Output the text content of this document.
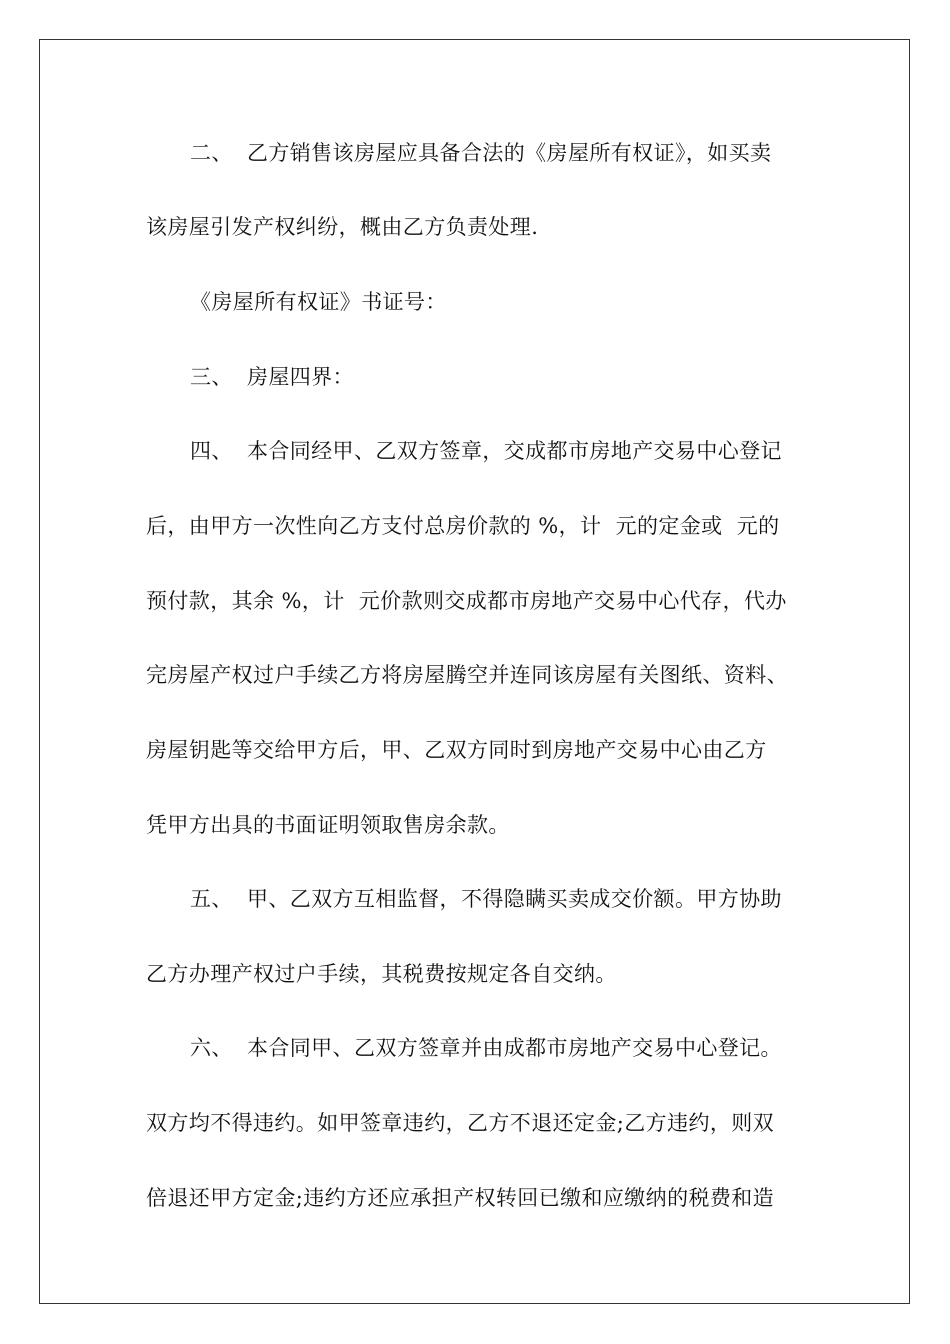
二、  乙方销售该房屋应具备合法的《房屋所有权证》，如买卖
该房屋引发产权纠纷，概由乙方负责处理.
《房屋所有权证》书证号：
三、  房屋四界：
四、  本合同经甲、乙双方签章，交成都市房地产交易中心登记
后，由甲方一次性向乙方支付总房价款的 %，计  元的定金或  元的
预付款，其余 %，计  元价款则交成都市房地产交易中心代存，代办
完房屋产权过户手续乙方将房屋腾空并连同该房屋有关图纸、资料、
房屋钥匙等交给甲方后，甲、乙双方同时到房地产交易中心由乙方
凭甲方出具的书面证明领取售房余款。
五、  甲、乙双方互相监督，不得隐瞒买卖成交价额。甲方协助
乙方办理产权过户手续，其税费按规定各自交纳。
六、  本合同甲、乙双方签章并由成都市房地产交易中心登记。
双方均不得违约。如甲签章违约，乙方不退还定金;乙方违约，则双
倍退还甲方定金;违约方还应承担产权转回已缴和应缴纳的税费和造
